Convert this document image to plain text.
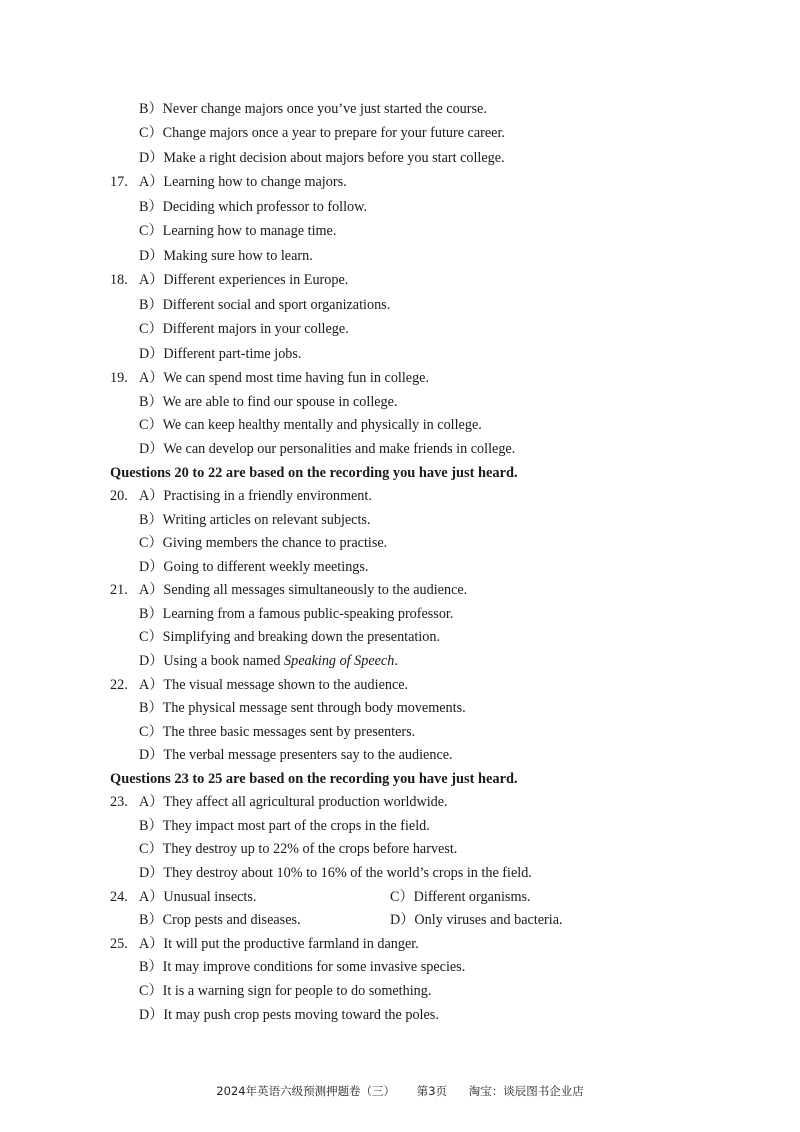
B）Never change majors once you’ve just started the course.
C）Change majors once a year to prepare for your future career.
D）Make a right decision about majors before you start college.
17. A）Learning how to change majors.
B）Deciding which professor to follow.
C）Learning how to manage time.
D）Making sure how to learn.
18. A）Different experiences in Europe.
B）Different social and sport organizations.
C）Different majors in your college.
D）Different part-time jobs.
19. A）We can spend most time having fun in college.
B）We are able to find our spouse in college.
C）We can keep healthy mentally and physically in college.
D）We can develop our personalities and make friends in college.
Questions 20 to 22 are based on the recording you have just heard.
20. A）Practising in a friendly environment.
B）Writing articles on relevant subjects.
C）Giving members the chance to practise.
D）Going to different weekly meetings.
21. A）Sending all messages simultaneously to the audience.
B）Learning from a famous public-speaking professor.
C）Simplifying and breaking down the presentation.
D）Using a book named Speaking of Speech.
22. A）The visual message shown to the audience.
B）The physical message sent through body movements.
C）The three basic messages sent by presenters.
D）The verbal message presenters say to the audience.
Questions 23 to 25 are based on the recording you have just heard.
23. A）They affect all agricultural production worldwide.
B）They impact most part of the crops in the field.
C）They destroy up to 22% of the crops before harvest.
D）They destroy about 10% to 16% of the world’s crops in the field.
24. A）Unusual insects.	C）Different organisms.
B）Crop pests and diseases.	D）Only viruses and bacteria.
25. A）It will put the productive farmland in danger.
B）It may improve conditions for some invasive species.
C）It is a warning sign for people to do something.
D）It may push crop pests moving toward the poles.
2024年英语六级预测押题卷（三） 第3页 淘宝：谈辰图书企业店
